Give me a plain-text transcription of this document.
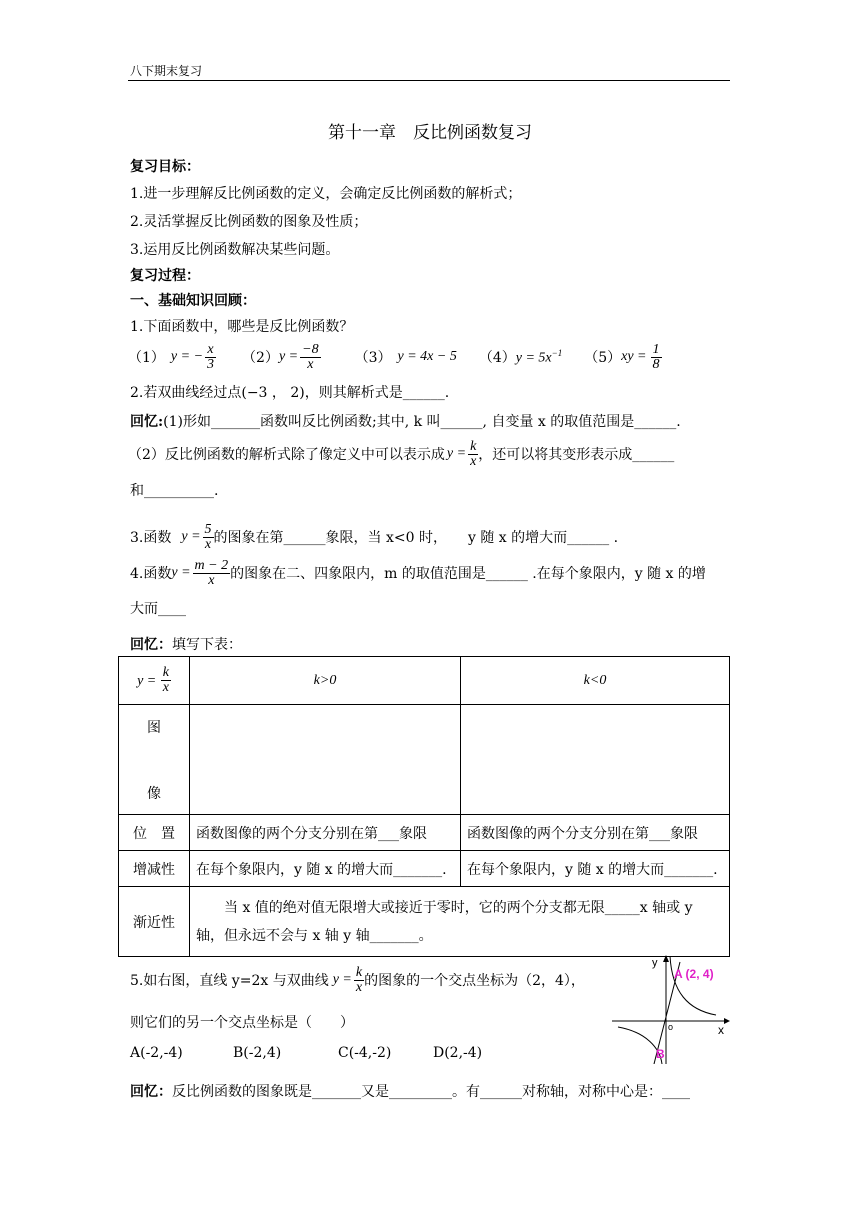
八下期末复习
第十一章　反比例函数复习
复习目标：
1.进一步理解反比例函数的定义，会确定反比例函数的解析式；
2.灵活掌握反比例函数的图象及性质；
3.运用反比例函数解决某些问题。
复习过程：
一、基础知识回顾：
1.下面函数中，哪些是反比例函数？
（1） y = − $\frac{x}{3} (2) y = \frac{-8}{x} (3) y = 4x - 5$ （4） $y = 5x^{-1}$ （5） xy = $\frac{1}{8}$
2.若双曲线经过点(−3 ， 2)，则其解析式是______.
回忆:(1)形如_______函数叫反比例函数;其中, k 叫______, 自变量 x 的取值范围是______.
（2）反比例函数的解析式除了像定义中可以表示成 $y = \frac{k}{x}$ ，还可以将其变形表示成______
和__________.
3.函数 $y = \frac{5}{x}$ 的图象在第______象限，当 x<0 时，　　y 随 x 的增大而______ .
4.函数 $y = \frac{m - 2}{x}$ 的图象在二、四象限内，m 的取值范围是______ .在每个象限内，y 随 x 的增
大而____
回忆：填写下表：
$y = \frac{k}{x}$	k>0	k<0

图
像		

位　置	函数图像的两个分支分别在第___象限	函数图像的两个分支分别在第___象限
增减性	在每个象限内，y 随 x 的增大而_______.	在每个象限内，y 随 x 的增大而_______.
渐近性	　　当 x 值的绝对值无限增大或接近于零时，它的两个分支都无限_____x 轴或 y 轴，但永远不会与 x 轴 y 轴_______。	
5.如右图，直线 y=2x 与双曲线 $y = \frac{k}{x}$ 的图象的一个交点坐标为（2，4），
则它们的另一个交点坐标是（　　）
A(-2,-4)	B(-2,4)	C(-4,-2)	D(2,-4)
y
x
o
A (2, 4)
B
回忆：反比例函数的图象既是_______又是_________。有______对称轴，对称中心是：____
